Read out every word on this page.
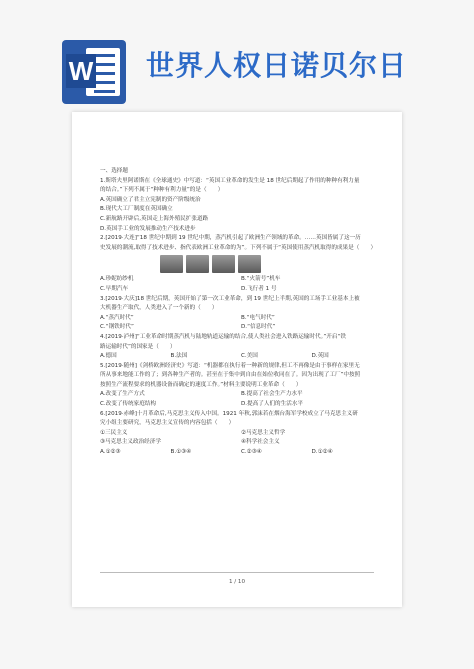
W 世界人权日诺贝尔日

一、选择题

1.斯塔夫里阿诺斯在《全球通史》中写道：“英国工业革命的发生是 18 世纪后期起了作用的种种有利力量

的结合。”下列不属于“种种有利力量”的是（　　）

A.英国确立了君主立宪制的资产阶级统治

B.现代大工厂制度在英国确立

C.新航路开辟后,英国走上海外殖民扩张道路

D.英国手工业的发展推动生产技术进步

2.[2019·大连]“18 世纪中期到 19 世纪中期，蒸汽机引起了欧洲生产领域的革命。……英国皆属了这一历

史发展的潮流,取得了技术进步、指代表欧洲工业革命的为”。下列不属于“英国使用蒸汽机取得的成果是（　　）

A.珍妮纺纱机	B.“火箭号”机车
C.早期汽车	D.飞行者 1 号

3.[2019·大庆]18 世纪后期，英国开始了第一次工业革命，到 19 世纪上半期,英国的工场手工业基本上被

大机器生产取代，人类进入了一个新的（　　）

A.“蒸汽时代”	B.“电气时代”
C.“钢铁时代”	D.“信息时代”

4.[2019·泸州]“工业革命时期蒸汽机与陆地轨道运输的结合,使人类社会进入铁路运输时代。”开启“铁

路运输时代”的国家是（　　）

A.德国	B.法国	C.美国	D.英国

5.[2019·随州]《剑桥欧洲经济史》写道：“机器都在执行着一种新的规律,但工不再像是由于事样在家里无

所从事来地能工作的了；到各种生产者的。甚至在于集中到自由在始位收同在了。因为出现了工厂”中按照

按照生产流程要求的机器设备而确定的速度工作。”材料主要说明工业革命（　　）

A.改变了生产方式	B.提高了社会生产力水平
C.改变了传统家庭结构	D.提高了人们的生活水平

6.[2019·赤峰]十月革命后,马克思主义传入中国。1921 年秋,郭沫若在烟台海军学校成立了马克思主义研

究小组主要研究，马克思主义宣传的内容包括（　　）

①三民主义	②马克思主义哲学
③马克思主义政治经济学	④科学社会主义
A.①②③	B.①③④	C.②③④	D.①②④
1 / 10
